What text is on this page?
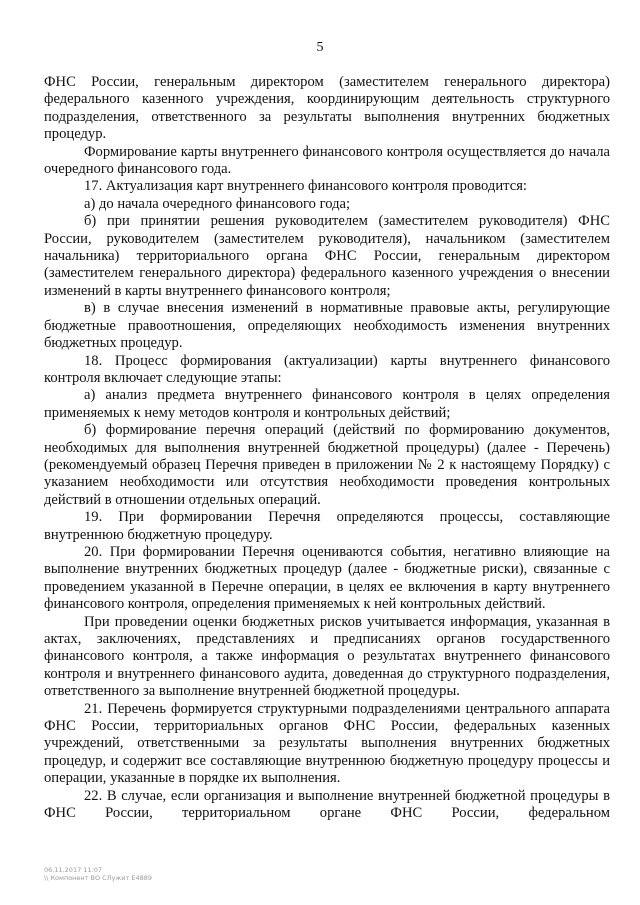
5

ФНС России, генеральным директором (заместителем генерального директора) федерального казенного учреждения, координирующим деятельность структурного подразделения, ответственного за результаты выполнения внутренних бюджетных процедур.

Формирование карты внутреннего финансового контроля осуществляется до начала очередного финансового года.

17. Актуализация карт внутреннего финансового контроля проводится:

а) до начала очередного финансового года;

б) при принятии решения руководителем (заместителем руководителя) ФНС России, руководителем (заместителем руководителя), начальником (заместителем начальника) территориального органа ФНС России, генеральным директором (заместителем генерального директора) федерального казенного учреждения о внесении изменений в карты внутреннего финансового контроля;

в) в случае внесения изменений в нормативные правовые акты, регулирующие бюджетные правоотношения, определяющих необходимость изменения внутренних бюджетных процедур.

18. Процесс формирования (актуализации) карты внутреннего финансового контроля включает следующие этапы:

а) анализ предмета внутреннего финансового контроля в целях определения применяемых к нему методов контроля и контрольных действий;

б) формирование перечня операций (действий по формированию документов, необходимых для выполнения внутренней бюджетной процедуры) (далее - Перечень) (рекомендуемый образец Перечня приведен в приложении № 2 к настоящему Порядку) с указанием необходимости или отсутствия необходимости проведения контрольных действий в отношении отдельных операций.

19. При формировании Перечня определяются процессы, составляющие внутреннюю бюджетную процедуру.

20. При формировании Перечня оцениваются события, негативно влияющие на выполнение внутренних бюджетных процедур (далее - бюджетные риски), связанные с проведением указанной в Перечне операции, в целях ее включения в карту внутреннего финансового контроля, определения применяемых к ней контрольных действий.

При проведении оценки бюджетных рисков учитывается информация, указанная в актах, заключениях, представлениях и предписаниях органов государственного финансового контроля, а также информация о результатах внутреннего финансового контроля и внутреннего финансового аудита, доведенная до структурного подразделения, ответственного за выполнение внутренней бюджетной процедуры.

21. Перечень формируется структурными подразделениями центрального аппарата ФНС России, территориальных органов ФНС России, федеральных казенных учреждений, ответственными за результаты выполнения внутренних бюджетных процедур, и содержит все составляющие внутреннюю бюджетную процедуру процессы и операции, указанные в порядке их выполнения.

22. В случае, если организация и выполнение внутренней бюджетной процедуры в ФНС России, территориальном органе ФНС России, федеральном

06.11.2017 11:07
\\ Компонент ВО СЛужит Е4889
